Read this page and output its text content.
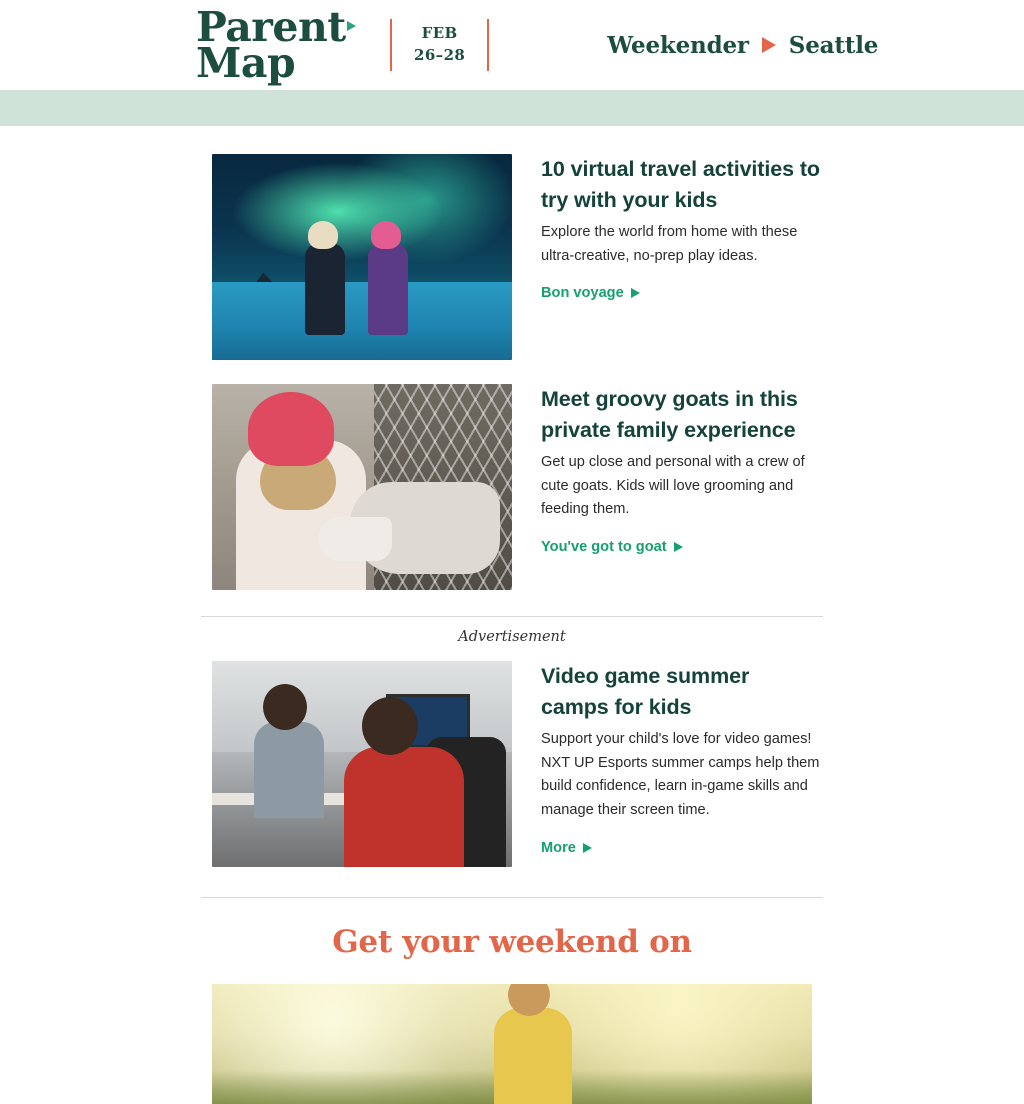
Parent
Map
FEB
26–28	Weekender Seattle
10 virtual travel activities to try with your kids

Explore the world from home with these ultra-creative, no-prep play ideas.

Bon voyage
Meet groovy goats in this private family experience

Get up close and personal with a crew of cute goats. Kids will love grooming and feeding them.

You've got to goat
Advertisement
Video game summer camps for kids

Support your child's love for video games! NXT UP Esports summer camps help them build confidence, learn in-game skills and manage their screen time.

More
Get your weekend on
